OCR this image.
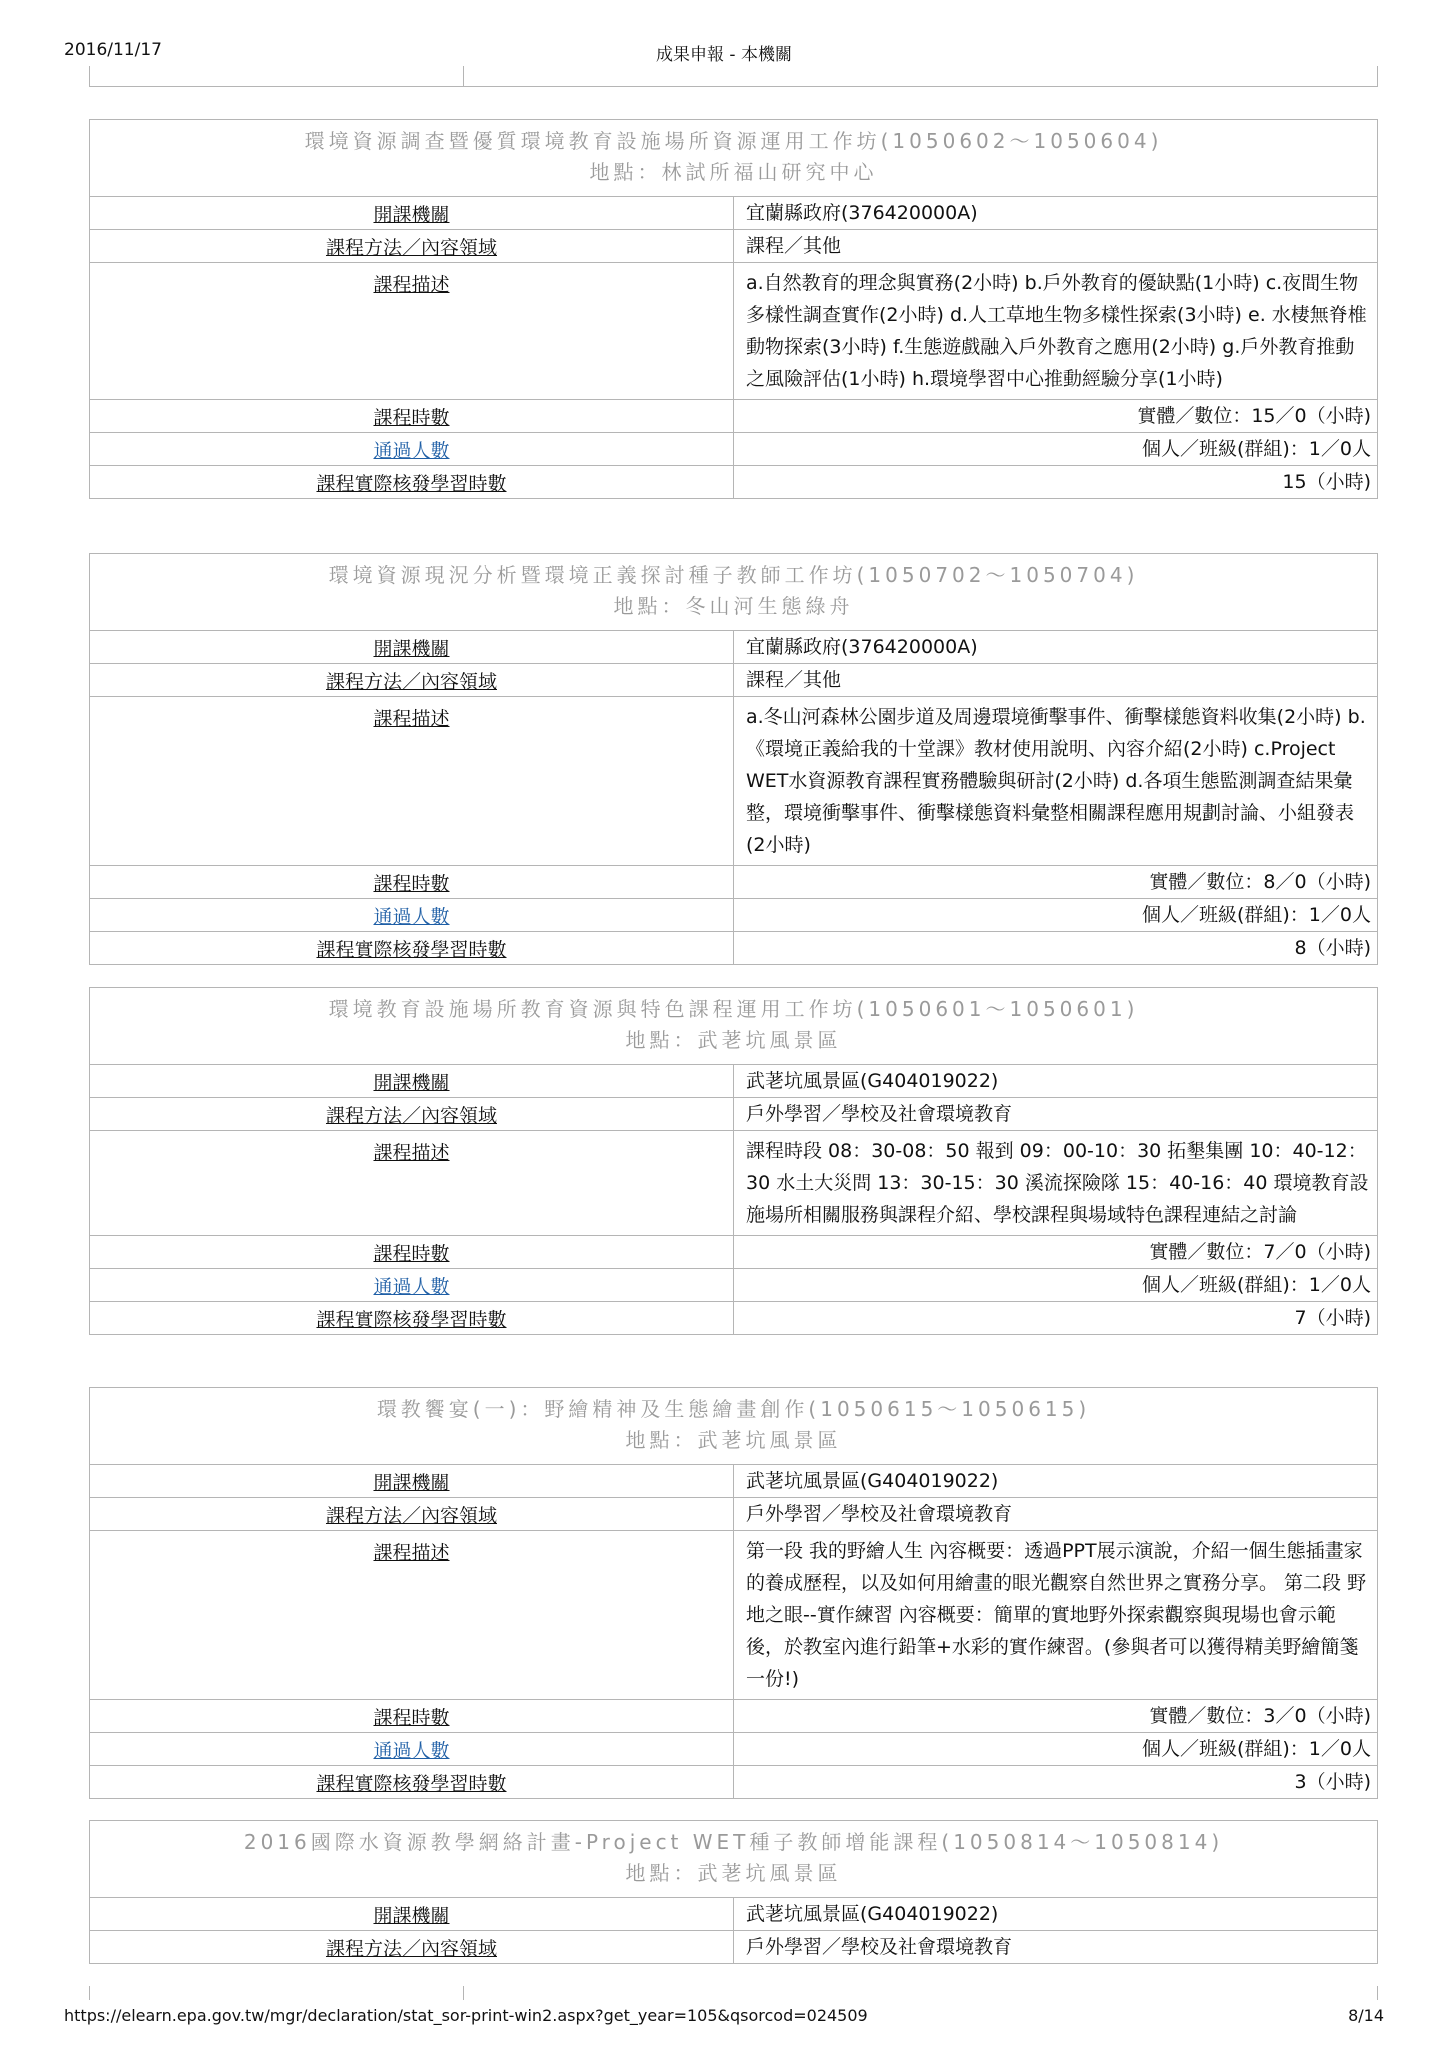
2016/11/17	成果申報 - 本機關
環境資源調查暨優質環境教育設施場所資源運用工作坊(1050602～1050604)
地點：林試所福山研究中心	

開課機關	宜蘭縣政府(376420000A)
課程方法／內容領域	課程／其他
課程描述	a.自然教育的理念與實務(2小時) b.戶外教育的優缺點(1小時) c.夜間生物多樣性調查實作(2小時) d.人工草地生物多樣性探索(3小時) e. 水棲無脊椎動物探索(3小時) f.生態遊戲融入戶外教育之應用(2小時) g.戶外教育推動之風險評估(1小時) h.環境學習中心推動經驗分享(1小時)
課程時數	實體／數位：15／0（小時)
通過人數	個人／班級(群組)：1／0人
課程實際核發學習時數	15（小時)
環境資源現況分析暨環境正義探討種子教師工作坊(1050702～1050704)
地點：冬山河生態綠舟	

開課機關	宜蘭縣政府(376420000A)
課程方法／內容領域	課程／其他
課程描述	a.冬山河森林公園步道及周邊環境衝擊事件、衝擊樣態資料收集(2小時) b.《環境正義給我的十堂課》教材使用說明、內容介紹(2小時) c.Project WET水資源教育課程實務體驗與研討(2小時) d.各項生態監測調查結果彙整，環境衝擊事件、衝擊樣態資料彙整相關課程應用規劃討論、小組發表(2小時)
課程時數	實體／數位：8／0（小時)
通過人數	個人／班級(群組)：1／0人
課程實際核發學習時數	8（小時)
環境教育設施場所教育資源與特色課程運用工作坊(1050601～1050601)
地點：武荖坑風景區	

開課機關	武荖坑風景區(G404019022)
課程方法／內容領域	戶外學習／學校及社會環境教育
課程描述	課程時段 08：30-08：50 報到 09：00-10：30 拓墾集團 10：40-12：30 水土大災問 13：30-15：30 溪流探險隊 15：40-16：40 環境教育設施場所相關服務與課程介紹、學校課程與場域特色課程連結之討論
課程時數	實體／數位：7／0（小時)
通過人數	個人／班級(群組)：1／0人
課程實際核發學習時數	7（小時)
環教饗宴(一)：野繪精神及生態繪畫創作(1050615～1050615)
地點：武荖坑風景區	

開課機關	武荖坑風景區(G404019022)
課程方法／內容領域	戶外學習／學校及社會環境教育
課程描述	第一段 我的野繪人生 內容概要：透過PPT展示演說，介紹一個生態插畫家的養成歷程，以及如何用繪畫的眼光觀察自然世界之實務分享。 第二段 野地之眼--實作練習 內容概要：簡單的實地野外探索觀察與現場也會示範後，於教室內進行鉛筆+水彩的實作練習。(參與者可以獲得精美野繪簡箋一份!)
課程時數	實體／數位：3／0（小時)
通過人數	個人／班級(群組)：1／0人
課程實際核發學習時數	3（小時)
2016國際水資源教學網絡計畫-Project WET種子教師增能課程(1050814～1050814)
地點：武荖坑風景區	

開課機關	武荖坑風景區(G404019022)
課程方法／內容領域	戶外學習／學校及社會環境教育
https://elearn.epa.gov.tw/mgr/declaration/stat_sor-print-win2.aspx?get_year=105&qsorcod=024509	8/14
